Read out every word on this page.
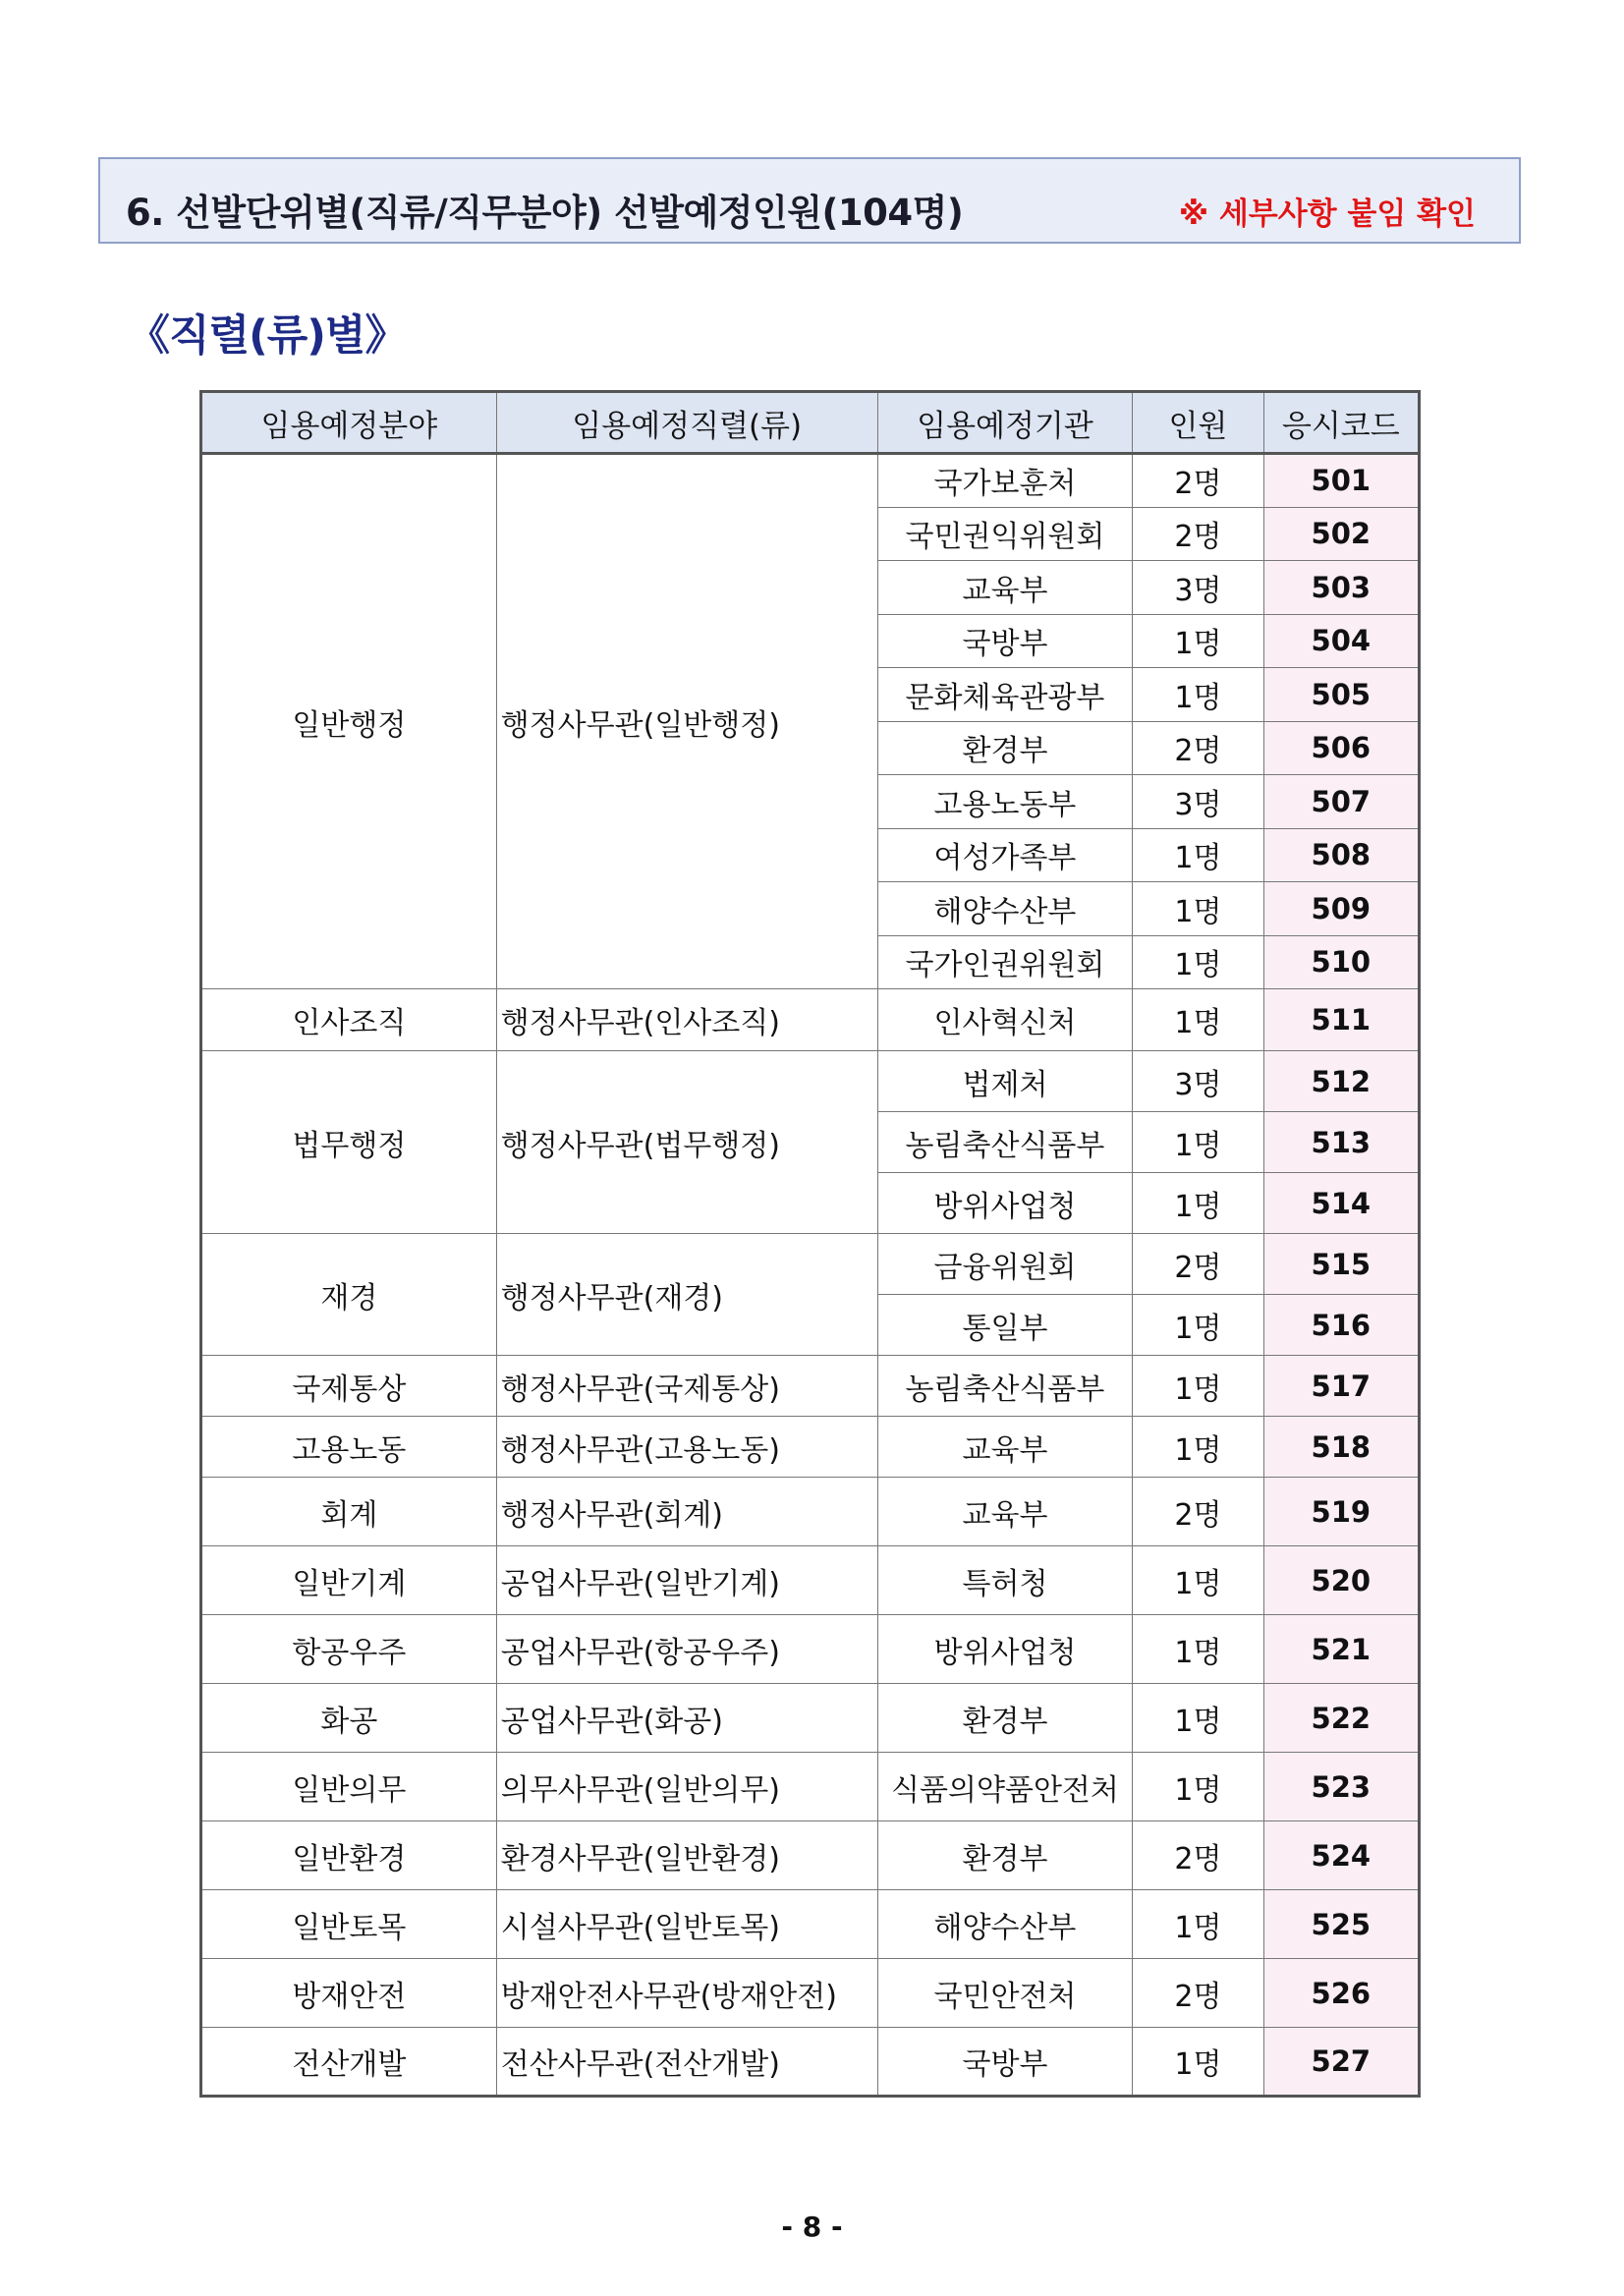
6. 선발단위별(직류/직무분야) 선발예정인원(104명)	※ 세부사항 붙임 확인
《직렬(류)별》
임용예정분야	임용예정직렬(류)	임용예정기관	인원	응시코드
일반행정	행정사무관(일반행정)	국가보훈처	2명	501
		국민권익위원회	2명	502
		교육부	3명	503
		국방부	1명	504
		문화체육관광부	1명	505
		환경부	2명	506
		고용노동부	3명	507
		여성가족부	1명	508
		해양수산부	1명	509
		국가인권위원회	1명	510
인사조직	행정사무관(인사조직)	인사혁신처	1명	511
법무행정	행정사무관(법무행정)	법제처	3명	512
		농림축산식품부	1명	513
		방위사업청	1명	514
재경	행정사무관(재경)	금융위원회	2명	515
		통일부	1명	516
국제통상	행정사무관(국제통상)	농림축산식품부	1명	517
고용노동	행정사무관(고용노동)	교육부	1명	518
회계	행정사무관(회계)	교육부	2명	519
일반기계	공업사무관(일반기계)	특허청	1명	520
항공우주	공업사무관(항공우주)	방위사업청	1명	521
화공	공업사무관(화공)	환경부	1명	522
일반의무	의무사무관(일반의무)	식품의약품안전처	1명	523
일반환경	환경사무관(일반환경)	환경부	2명	524
일반토목	시설사무관(일반토목)	해양수산부	1명	525
방재안전	방재안전사무관(방재안전)	국민안전처	2명	526
전산개발	전산사무관(전산개발)	국방부	1명	527
- 8 -
